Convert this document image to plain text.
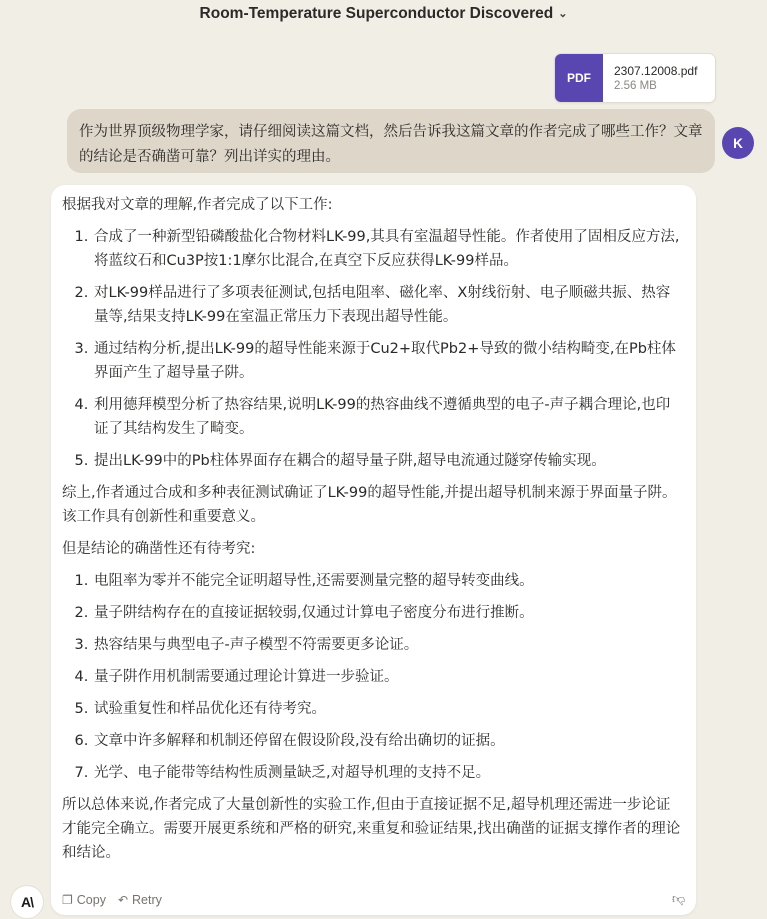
Room-Temperature Superconductor Discovered ⌄
PDF	2307.12008.pdf
2.56 MB
作为世界顶级物理学家，请仔细阅读这篇文档，然后告诉我这篇文章的作者完成了哪些工作？文章的结论是否确凿可靠？列出详实的理由。
K

根据我对文章的理解,作者完成了以下工作:

1. 合成了一种新型铅磷酸盐化合物材料LK-99,其具有室温超导性能。作者使用了固相反应方法,将蓝纹石和Cu3P按1:1摩尔比混合,在真空下反应获得LK-99样品。
2. 对LK-99样品进行了多项表征测试,包括电阻率、磁化率、X射线衍射、电子顺磁共振、热容量等,结果支持LK-99在室温正常压力下表现出超导性能。
3. 通过结构分析,提出LK-99的超导性能来源于Cu2+取代Pb2+导致的微小结构畸变,在Pb柱体界面产生了超导量子阱。
4. 利用德拜模型分析了热容结果,说明LK-99的热容曲线不遵循典型的电子-声子耦合理论,也印证了其结构发生了畸变。
5. 提出LK-99中的Pb柱体界面存在耦合的超导量子阱,超导电流通过隧穿传输实现。

综上,作者通过合成和多种表征测试确证了LK-99的超导性能,并提出超导机制来源于界面量子阱。该工作具有创新性和重要意义。

但是结论的确凿性还有待考究:

1. 电阻率为零并不能完全证明超导性,还需要测量完整的超导转变曲线。
2. 量子阱结构存在的直接证据较弱,仅通过计算电子密度分布进行推断。
3. 热容结果与典型电子-声子模型不符需要更多论证。
4. 量子阱作用机制需要通过理论计算进一步验证。
5. 试验重复性和样品优化还有待考究。
6. 文章中许多解释和机制还停留在假设阶段,没有给出确切的证据。
7. 光学、电子能带等结构性质测量缺乏,对超导机理的支持不足。

所以总体来说,作者完成了大量创新性的实验工作,但由于直接证据不足,超导机理还需进一步论证才能完全确立。需要开展更系统和严格的研究,来重复和验证结果,找出确凿的证据支撑作者的理论和结论。

❐ Copy ↶ Retry	👎︎
A\
